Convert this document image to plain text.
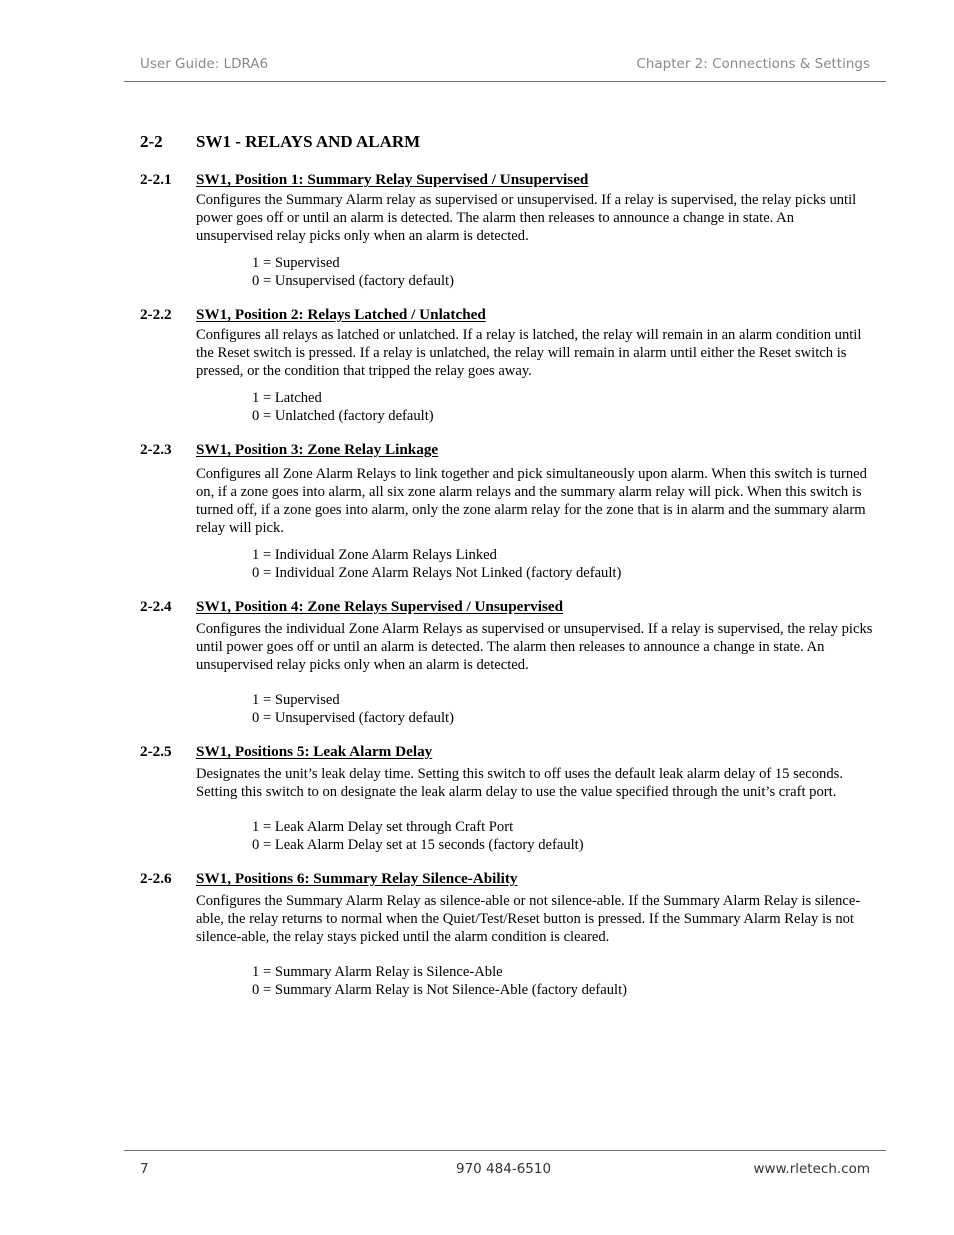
User Guide: LDRA6	Chapter 2: Connections & Settings
2-2	SW1 - RELAYS AND ALARM
2-2.1	SW1, Position 1: Summary Relay Supervised / Unsupervised
Configures the Summary Alarm relay as supervised or unsupervised. If a relay is supervised, the relay picks until power goes off or until an alarm is detected. The alarm then releases to announce a change in state. An unsupervised relay picks only when an alarm is detected.
1 = Supervised
0 = Unsupervised (factory default)
2-2.2	SW1, Position 2: Relays Latched / Unlatched
Configures all relays as latched or unlatched. If a relay is latched, the relay will remain in an alarm condition until the Reset switch is pressed. If a relay is unlatched, the relay will remain in alarm until either the Reset switch is pressed, or the condition that tripped the relay goes away.
1 = Latched
0 = Unlatched (factory default)
2-2.3	SW1, Position 3: Zone Relay Linkage
Configures all Zone Alarm Relays to link together and pick simultaneously upon alarm. When this switch is turned on, if a zone goes into alarm, all six zone alarm relays and the summary alarm relay will pick. When this switch is turned off, if a zone goes into alarm, only the zone alarm relay for the zone that is in alarm and the summary alarm relay will pick.
1 = Individual Zone Alarm Relays Linked
0 = Individual Zone Alarm Relays Not Linked (factory default)
2-2.4	SW1, Position 4: Zone Relays Supervised / Unsupervised
Configures the individual Zone Alarm Relays as supervised or unsupervised. If a relay is supervised, the relay picks until power goes off or until an alarm is detected. The alarm then releases to announce a change in state. An unsupervised relay picks only when an alarm is detected.
1 = Supervised
0 = Unsupervised (factory default)
2-2.5	SW1, Positions 5: Leak Alarm Delay
Designates the unit’s leak delay time. Setting this switch to off uses the default leak alarm delay of 15 seconds. Setting this switch to on designate the leak alarm delay to use the value specified through the unit’s craft port.
1 = Leak Alarm Delay set through Craft Port
0 = Leak Alarm Delay set at 15 seconds (factory default)
2-2.6	SW1, Positions 6: Summary Relay Silence-Ability
Configures the Summary Alarm Relay as silence-able or not silence-able. If the Summary Alarm Relay is silence-able, the relay returns to normal when the Quiet/Test/Reset button is pressed. If the Summary Alarm Relay is not silence-able, the relay stays picked until the alarm condition is cleared.
1 = Summary Alarm Relay is Silence-Able
0 = Summary Alarm Relay is Not Silence-Able (factory default)
7	970 484-6510	www.rletech.com
